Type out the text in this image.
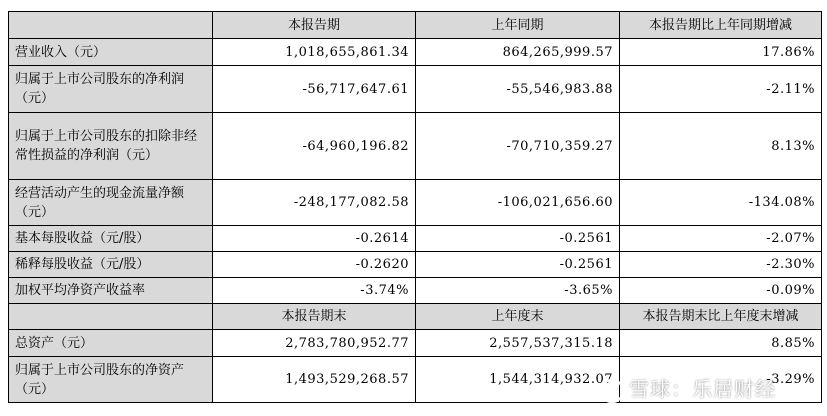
	本报告期	上年同期	本报告期比上年同期增减
营业收入（元）	1,018,655,861.34	864,265,999.57	17.86%
归属于上市公司股东的净利润（元）	-56,717,647.61	-55,546,983.88	-2.11%
归属于上市公司股东的扣除非经常性损益的净利润（元）	-64,960,196.82	-70,710,359.27	8.13%
经营活动产生的现金流量净额（元）	-248,177,082.58	-106,021,656.60	-134.08%
基本每股收益（元/股）	-0.2614	-0.2561	-2.07%
稀释每股收益（元/股）	-0.2620	-0.2561	-2.30%
加权平均净资产收益率	-3.74%	-3.65%	-0.09%
	本报告期末	上年度末	本报告期末比上年度末增减
总资产（元）	2,783,780,952.77	2,557,537,315.18	8.85%
归属于上市公司股东的净资产（元）	1,493,529,268.57	1,544,314,932.07	-3.29%
雪球：乐居财经
